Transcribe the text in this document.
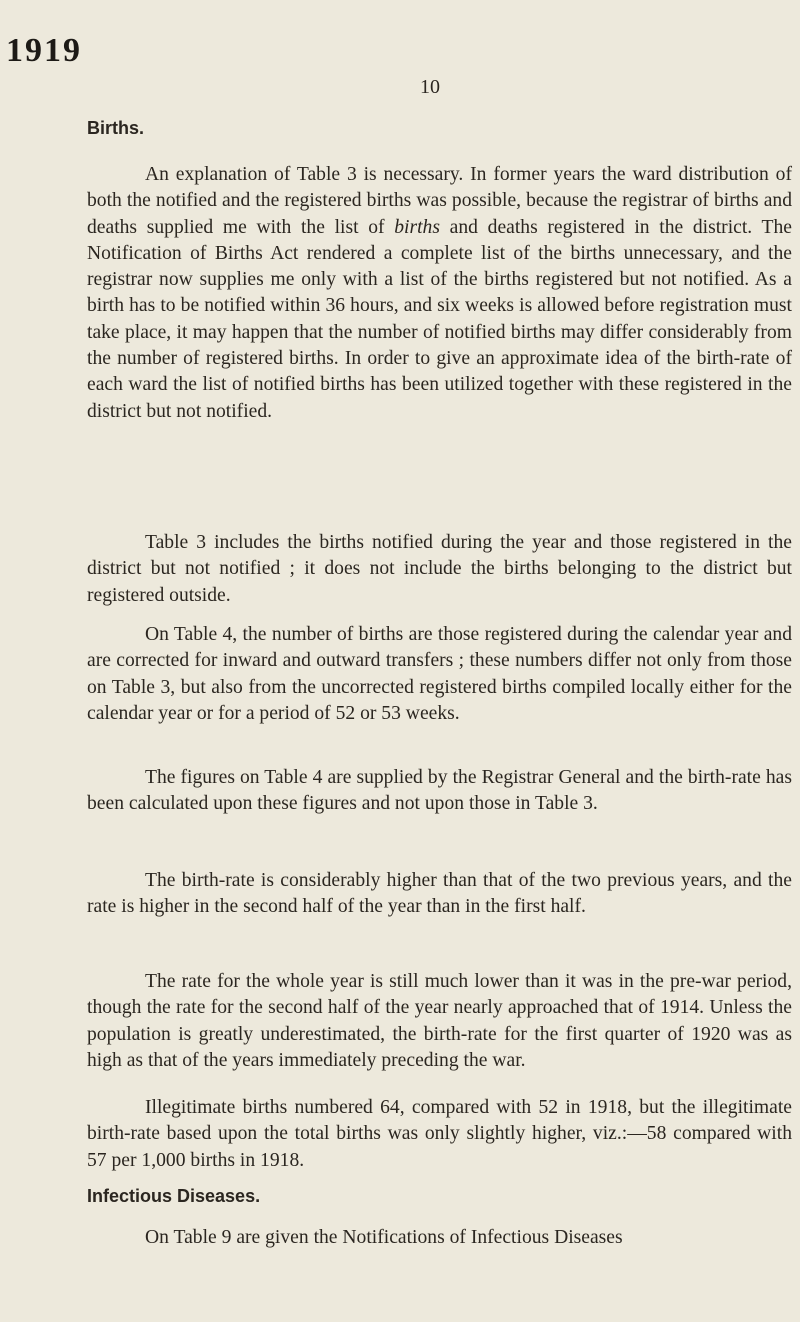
1919
10
Births.

An explanation of Table 3 is necessary. In former years the ward distribution of both the notified and the registered births was possible, because the registrar of births and deaths supplied me with the list of births and deaths registered in the district. The Notification of Births Act rendered a complete list of the births unnecessary, and the registrar now supplies me only with a list of the births registered but not notified. As a birth has to be notified within 36 hours, and six weeks is allowed before registration must take place, it may happen that the number of notified births may differ considerably from the number of registered births. In order to give an approximate idea of the birth-rate of each ward the list of notified births has been utilized together with these registered in the district but not notified.

Table 3 includes the births notified during the year and those registered in the district but not notified ; it does not include the births belonging to the district but registered outside.

On Table 4, the number of births are those registered during the calendar year and are corrected for inward and outward transfers ; these numbers differ not only from those on Table 3, but also from the uncorrected registered births compiled locally either for the calendar year or for a period of 52 or 53 weeks.

The figures on Table 4 are supplied by the Registrar General and the birth-rate has been calculated upon these figures and not upon those in Table 3.

The birth-rate is considerably higher than that of the two previous years, and the rate is higher in the second half of the year than in the first half.

The rate for the whole year is still much lower than it was in the pre-war period, though the rate for the second half of the year nearly approached that of 1914. Unless the population is greatly underestimated, the birth-rate for the first quarter of 1920 was as high as that of the years immediately preceding the war.

Illegitimate births numbered 64, compared with 52 in 1918, but the illegitimate birth-rate based upon the total births was only slightly higher, viz.:—58 compared with 57 per 1,000 births in 1918.

Infectious Diseases.

On Table 9 are given the Notifications of Infectious Diseases
